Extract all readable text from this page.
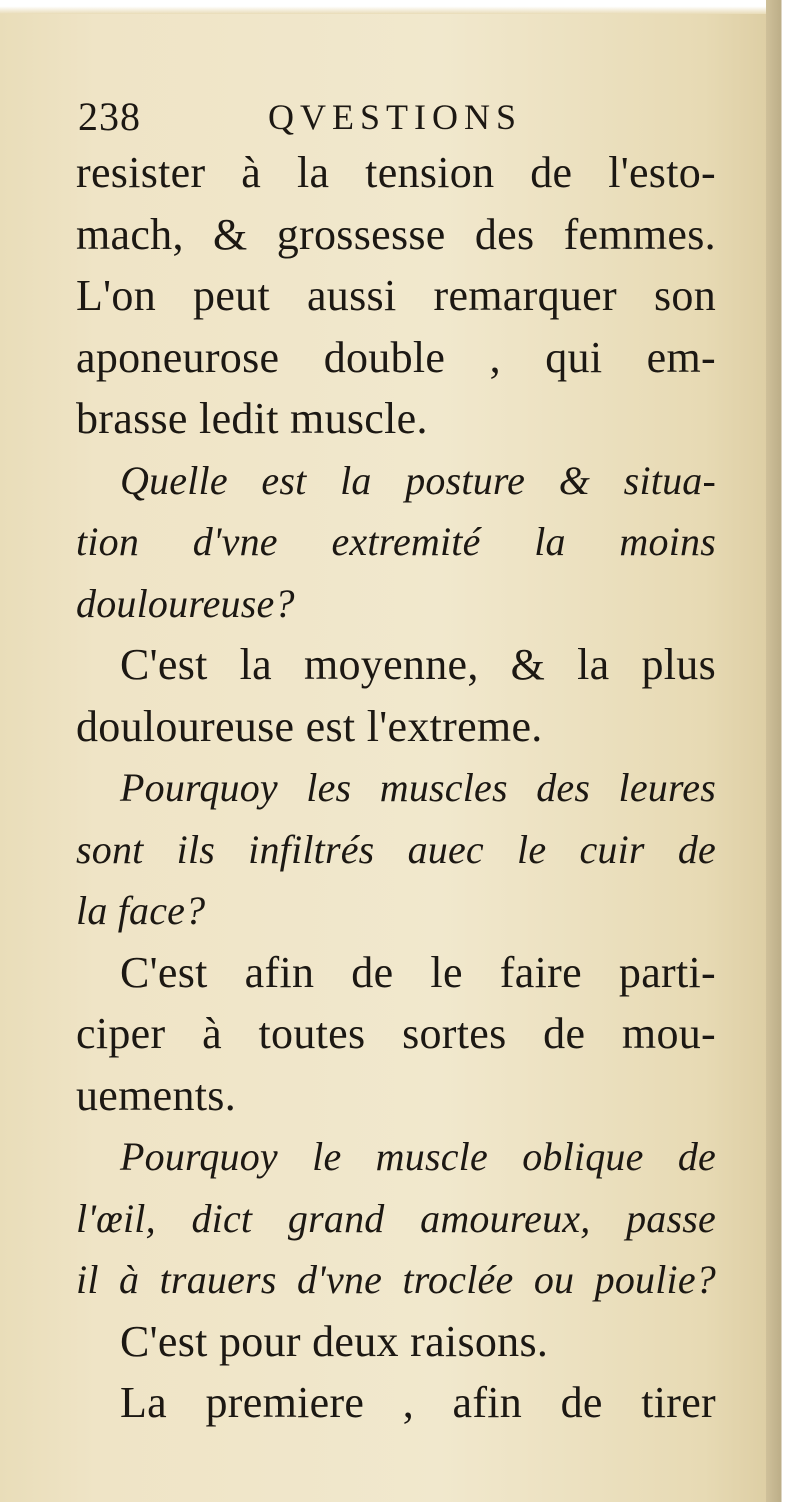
238	QVESTIONS
resister à la tension de l'esto-
mach, & grossesse des femmes.
L'on peut aussi remarquer son
aponeurose double , qui em-
brasse ledit muscle.
Quelle est la posture & situa-
tion d'vne extremité la moins
douloureuse?
C'est la moyenne, & la plus
douloureuse est l'extreme.
Pourquoy les muscles des leures
sont ils infiltrés auec le cuir de
la face?
C'est afin de le faire parti-
ciper à toutes sortes de mou-
uements.
Pourquoy le muscle oblique de
l'œil, dict grand amoureux, passe
il à trauers d'vne troclée ou poulie?
C'est pour deux raisons.
La premiere , afin de tirer
